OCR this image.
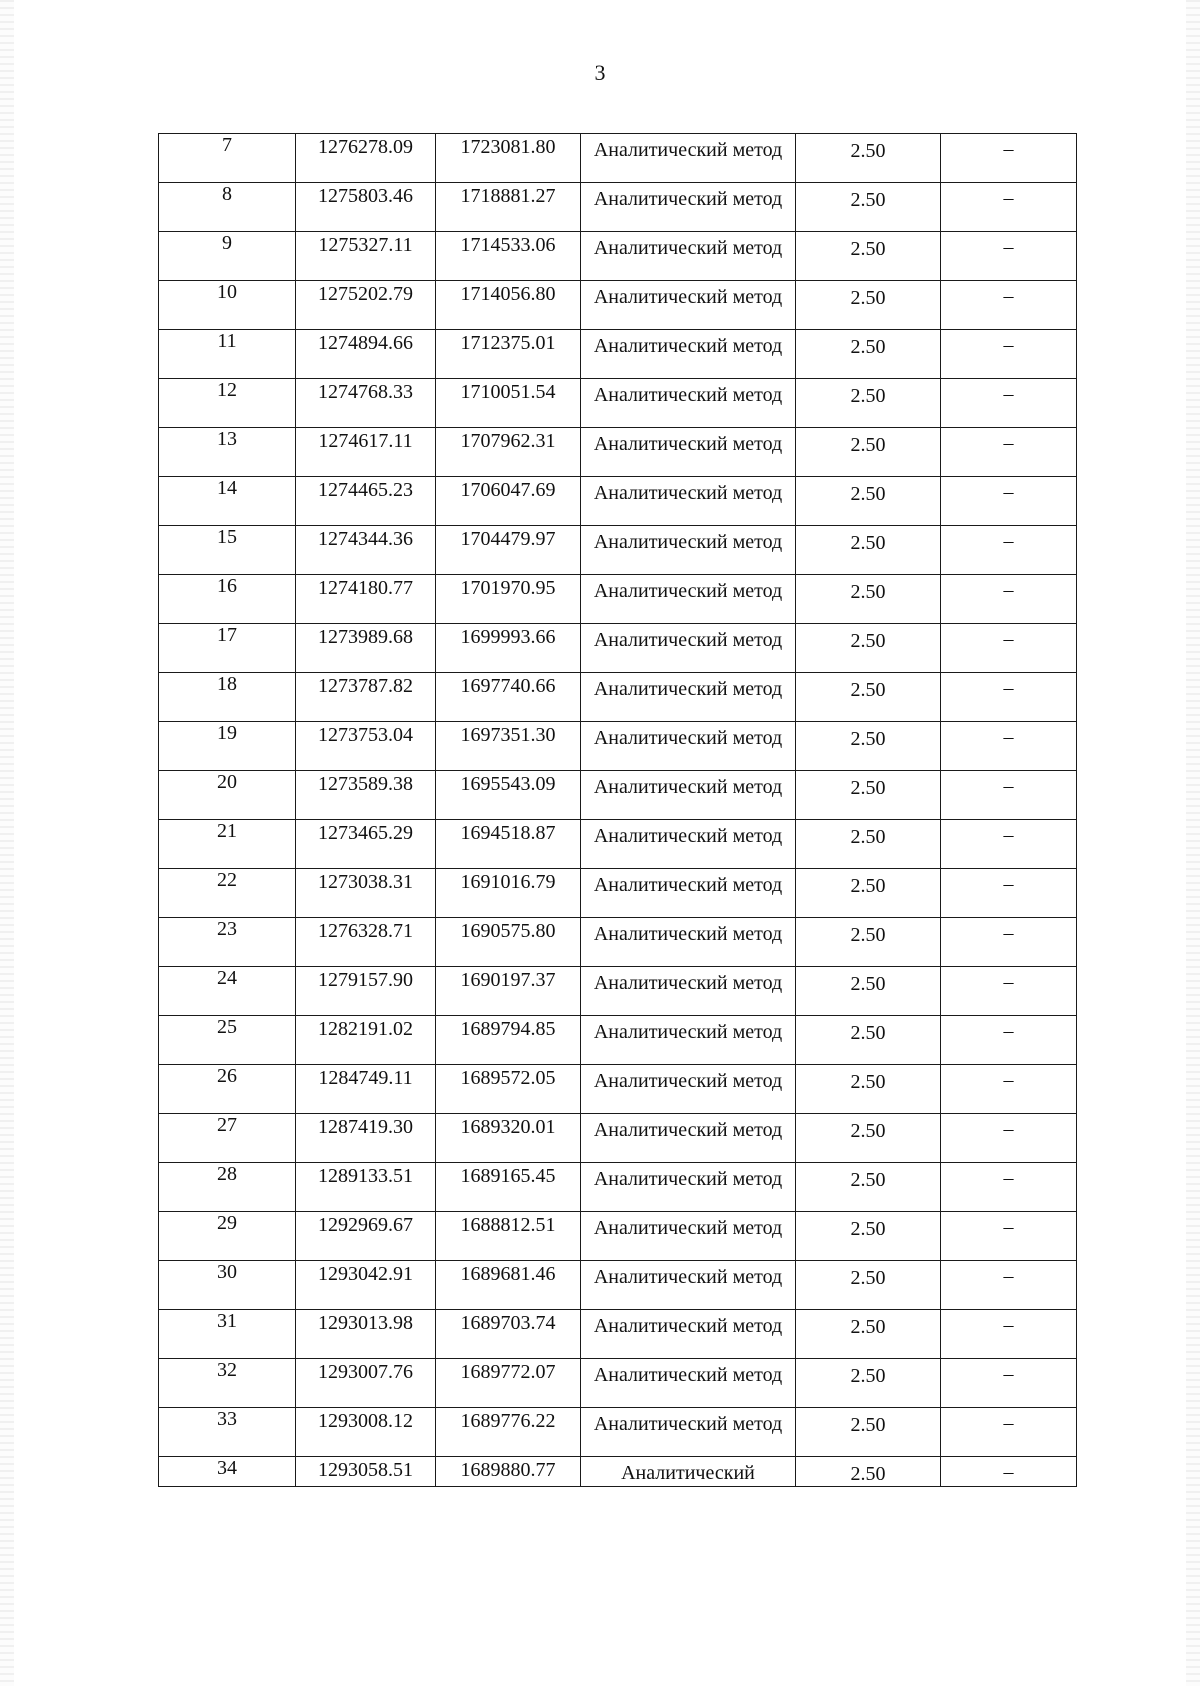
3
7	1276278.09	1723081.80	Аналитический метод	2.50	–
8	1275803.46	1718881.27	Аналитический метод	2.50	–
9	1275327.11	1714533.06	Аналитический метод	2.50	–
10	1275202.79	1714056.80	Аналитический метод	2.50	–
11	1274894.66	1712375.01	Аналитический метод	2.50	–
12	1274768.33	1710051.54	Аналитический метод	2.50	–
13	1274617.11	1707962.31	Аналитический метод	2.50	–
14	1274465.23	1706047.69	Аналитический метод	2.50	–
15	1274344.36	1704479.97	Аналитический метод	2.50	–
16	1274180.77	1701970.95	Аналитический метод	2.50	–
17	1273989.68	1699993.66	Аналитический метод	2.50	–
18	1273787.82	1697740.66	Аналитический метод	2.50	–
19	1273753.04	1697351.30	Аналитический метод	2.50	–
20	1273589.38	1695543.09	Аналитический метод	2.50	–
21	1273465.29	1694518.87	Аналитический метод	2.50	–
22	1273038.31	1691016.79	Аналитический метод	2.50	–
23	1276328.71	1690575.80	Аналитический метод	2.50	–
24	1279157.90	1690197.37	Аналитический метод	2.50	–
25	1282191.02	1689794.85	Аналитический метод	2.50	–
26	1284749.11	1689572.05	Аналитический метод	2.50	–
27	1287419.30	1689320.01	Аналитический метод	2.50	–
28	1289133.51	1689165.45	Аналитический метод	2.50	–
29	1292969.67	1688812.51	Аналитический метод	2.50	–
30	1293042.91	1689681.46	Аналитический метод	2.50	–
31	1293013.98	1689703.74	Аналитический метод	2.50	–
32	1293007.76	1689772.07	Аналитический метод	2.50	–
33	1293008.12	1689776.22	Аналитический метод	2.50	–
34	1293058.51	1689880.77	Аналитический	2.50	–
